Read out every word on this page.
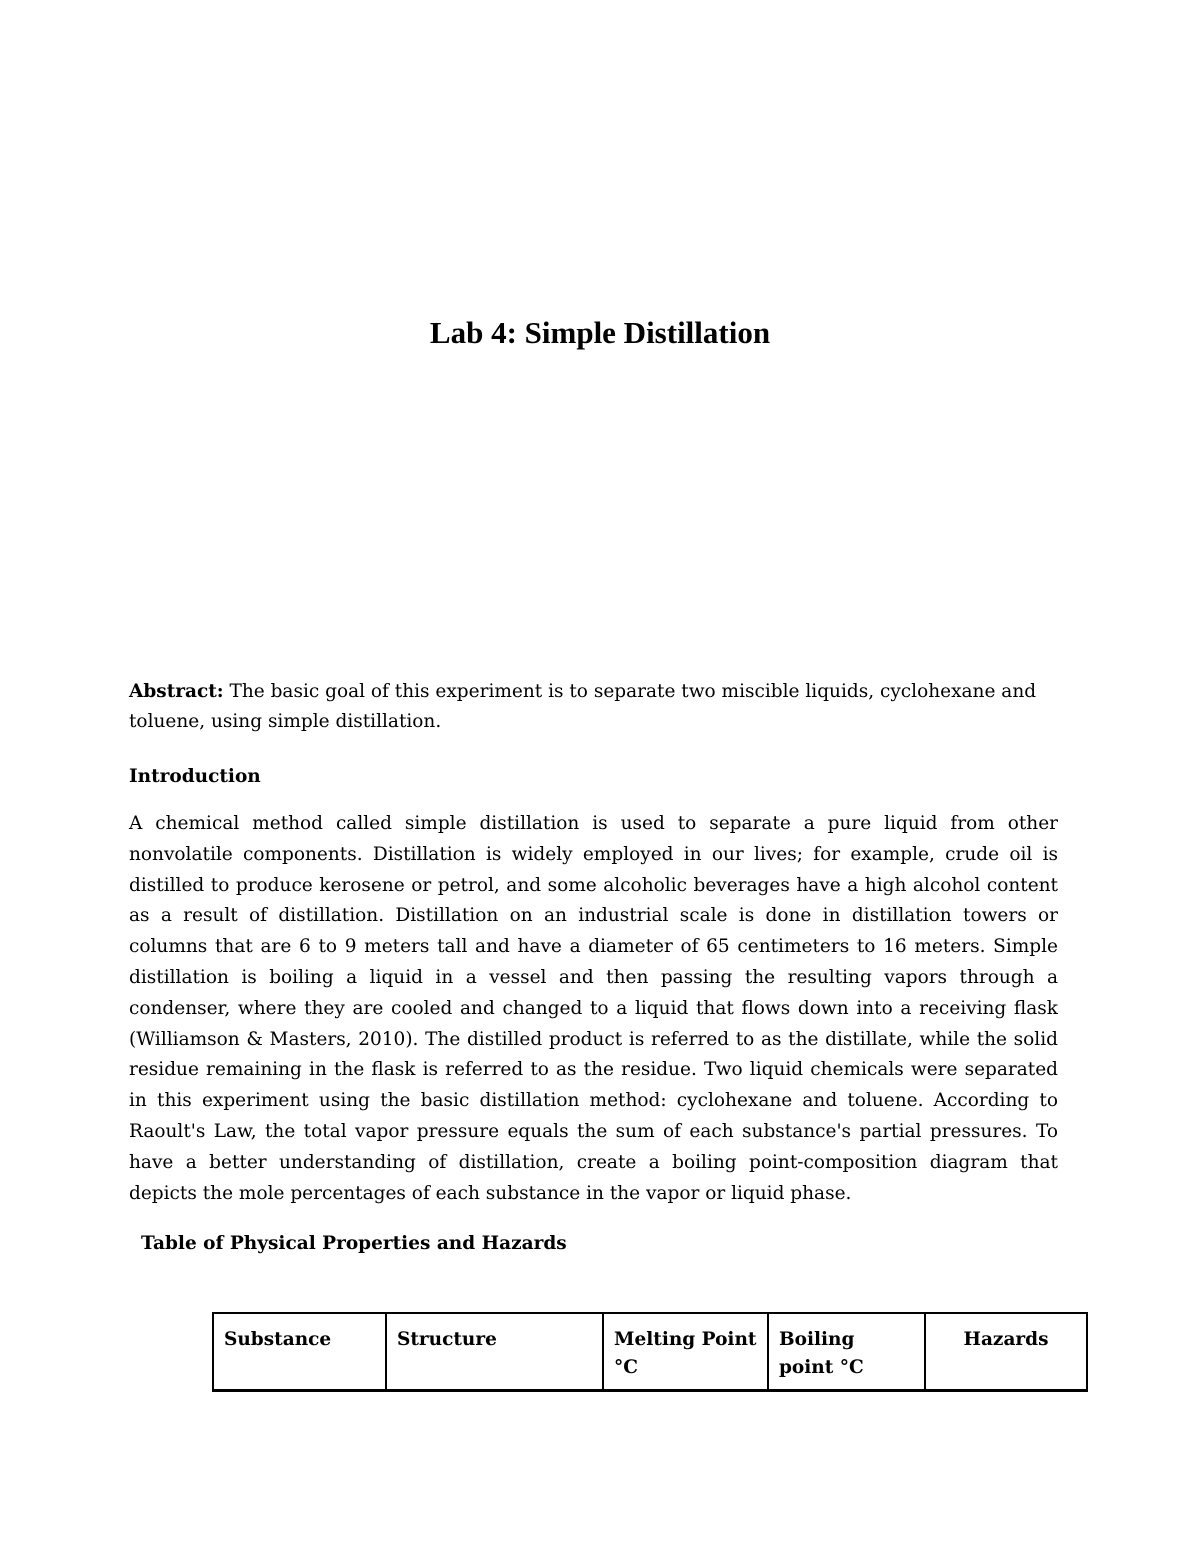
Lab 4: Simple Distillation

Abstract: The basic goal of this experiment is to separate two miscible liquids, cyclohexane and toluene, using simple distillation.

Introduction

A chemical method called simple distillation is used to separate a pure liquid from other nonvolatile components. Distillation is widely employed in our lives; for example, crude oil is distilled to produce kerosene or petrol, and some alcoholic beverages have a high alcohol content as a result of distillation. Distillation on an industrial scale is done in distillation towers or columns that are 6 to 9 meters tall and have a diameter of 65 centimeters to 16 meters. Simple distillation is boiling a liquid in a vessel and then passing the resulting vapors through a condenser, where they are cooled and changed to a liquid that flows down into a receiving flask (Williamson & Masters, 2010). The distilled product is referred to as the distillate, while the solid residue remaining in the flask is referred to as the residue. Two liquid chemicals were separated in this experiment using the basic distillation method: cyclohexane and toluene. According to Raoult's Law, the total vapor pressure equals the sum of each substance's partial pressures. To have a better understanding of distillation, create a boiling point-composition diagram that depicts the mole percentages of each substance in the vapor or liquid phase.

Table of Physical Properties and Hazards

Substance	Structure	Melting Point °C	Boiling point °C	Hazards
